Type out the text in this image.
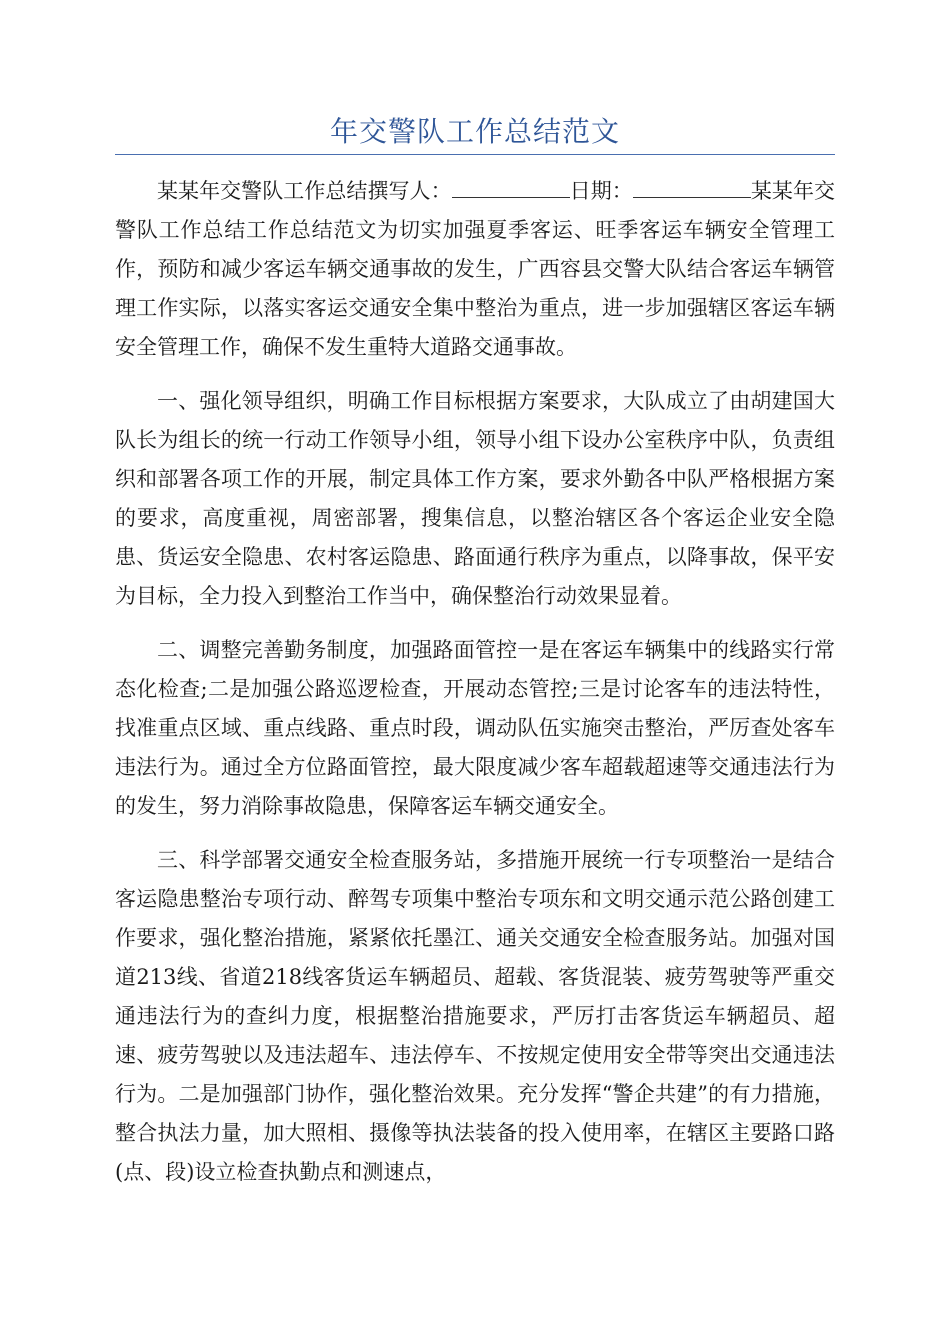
年交警队工作总结范文

某某年交警队工作总结撰写人：	日期：	某某年交警队工作总结工作总结范文为切实加强夏季客运、旺季客运车辆安全管理工作，预防和减少客运车辆交通事故的发生，广西容县交警大队结合客运车辆管理工作实际，以落实客运交通安全集中整治为重点，进一步加强辖区客运车辆安全管理工作，确保不发生重特大道路交通事故。

一、强化领导组织，明确工作目标根据方案要求，大队成立了由胡建国大队长为组长的统一行动工作领导小组，领导小组下设办公室秩序中队，负责组织和部署各项工作的开展，制定具体工作方案，要求外勤各中队严格根据方案的要求，高度重视，周密部署，搜集信息，以整治辖区各个客运企业安全隐患、货运安全隐患、农村客运隐患、路面通行秩序为重点，以降事故，保平安为目标，全力投入到整治工作当中，确保整治行动效果显着。

二、调整完善勤务制度，加强路面管控一是在客运车辆集中的线路实行常态化检查;二是加强公路巡逻检查，开展动态管控;三是讨论客车的违法特性，找准重点区域、重点线路、重点时段，调动队伍实施突击整治，严厉查处客车违法行为。通过全方位路面管控，最大限度减少客车超载超速等交通违法行为的发生，努力消除事故隐患，保障客运车辆交通安全。

三、科学部署交通安全检查服务站，多措施开展统一行专项整治一是结合客运隐患整治专项行动、醉驾专项集中整治专项东和文明交通示范公路创建工作要求，强化整治措施，紧紧依托墨江、通关交通安全检查服务站。加强对国道213线、省道218线客货运车辆超员、超载、客货混装、疲劳驾驶等严重交通违法行为的查纠力度，根据整治措施要求，严厉打击客货运车辆超员、超速、疲劳驾驶以及违法超车、违法停车、不按规定使用安全带等突出交通违法行为。二是加强部门协作，强化整治效果。充分发挥“警企共建”的有力措施，整合执法力量，加大照相、摄像等执法装备的投入使用率，在辖区主要路口路(点、段)设立检查执勤点和测速点，
